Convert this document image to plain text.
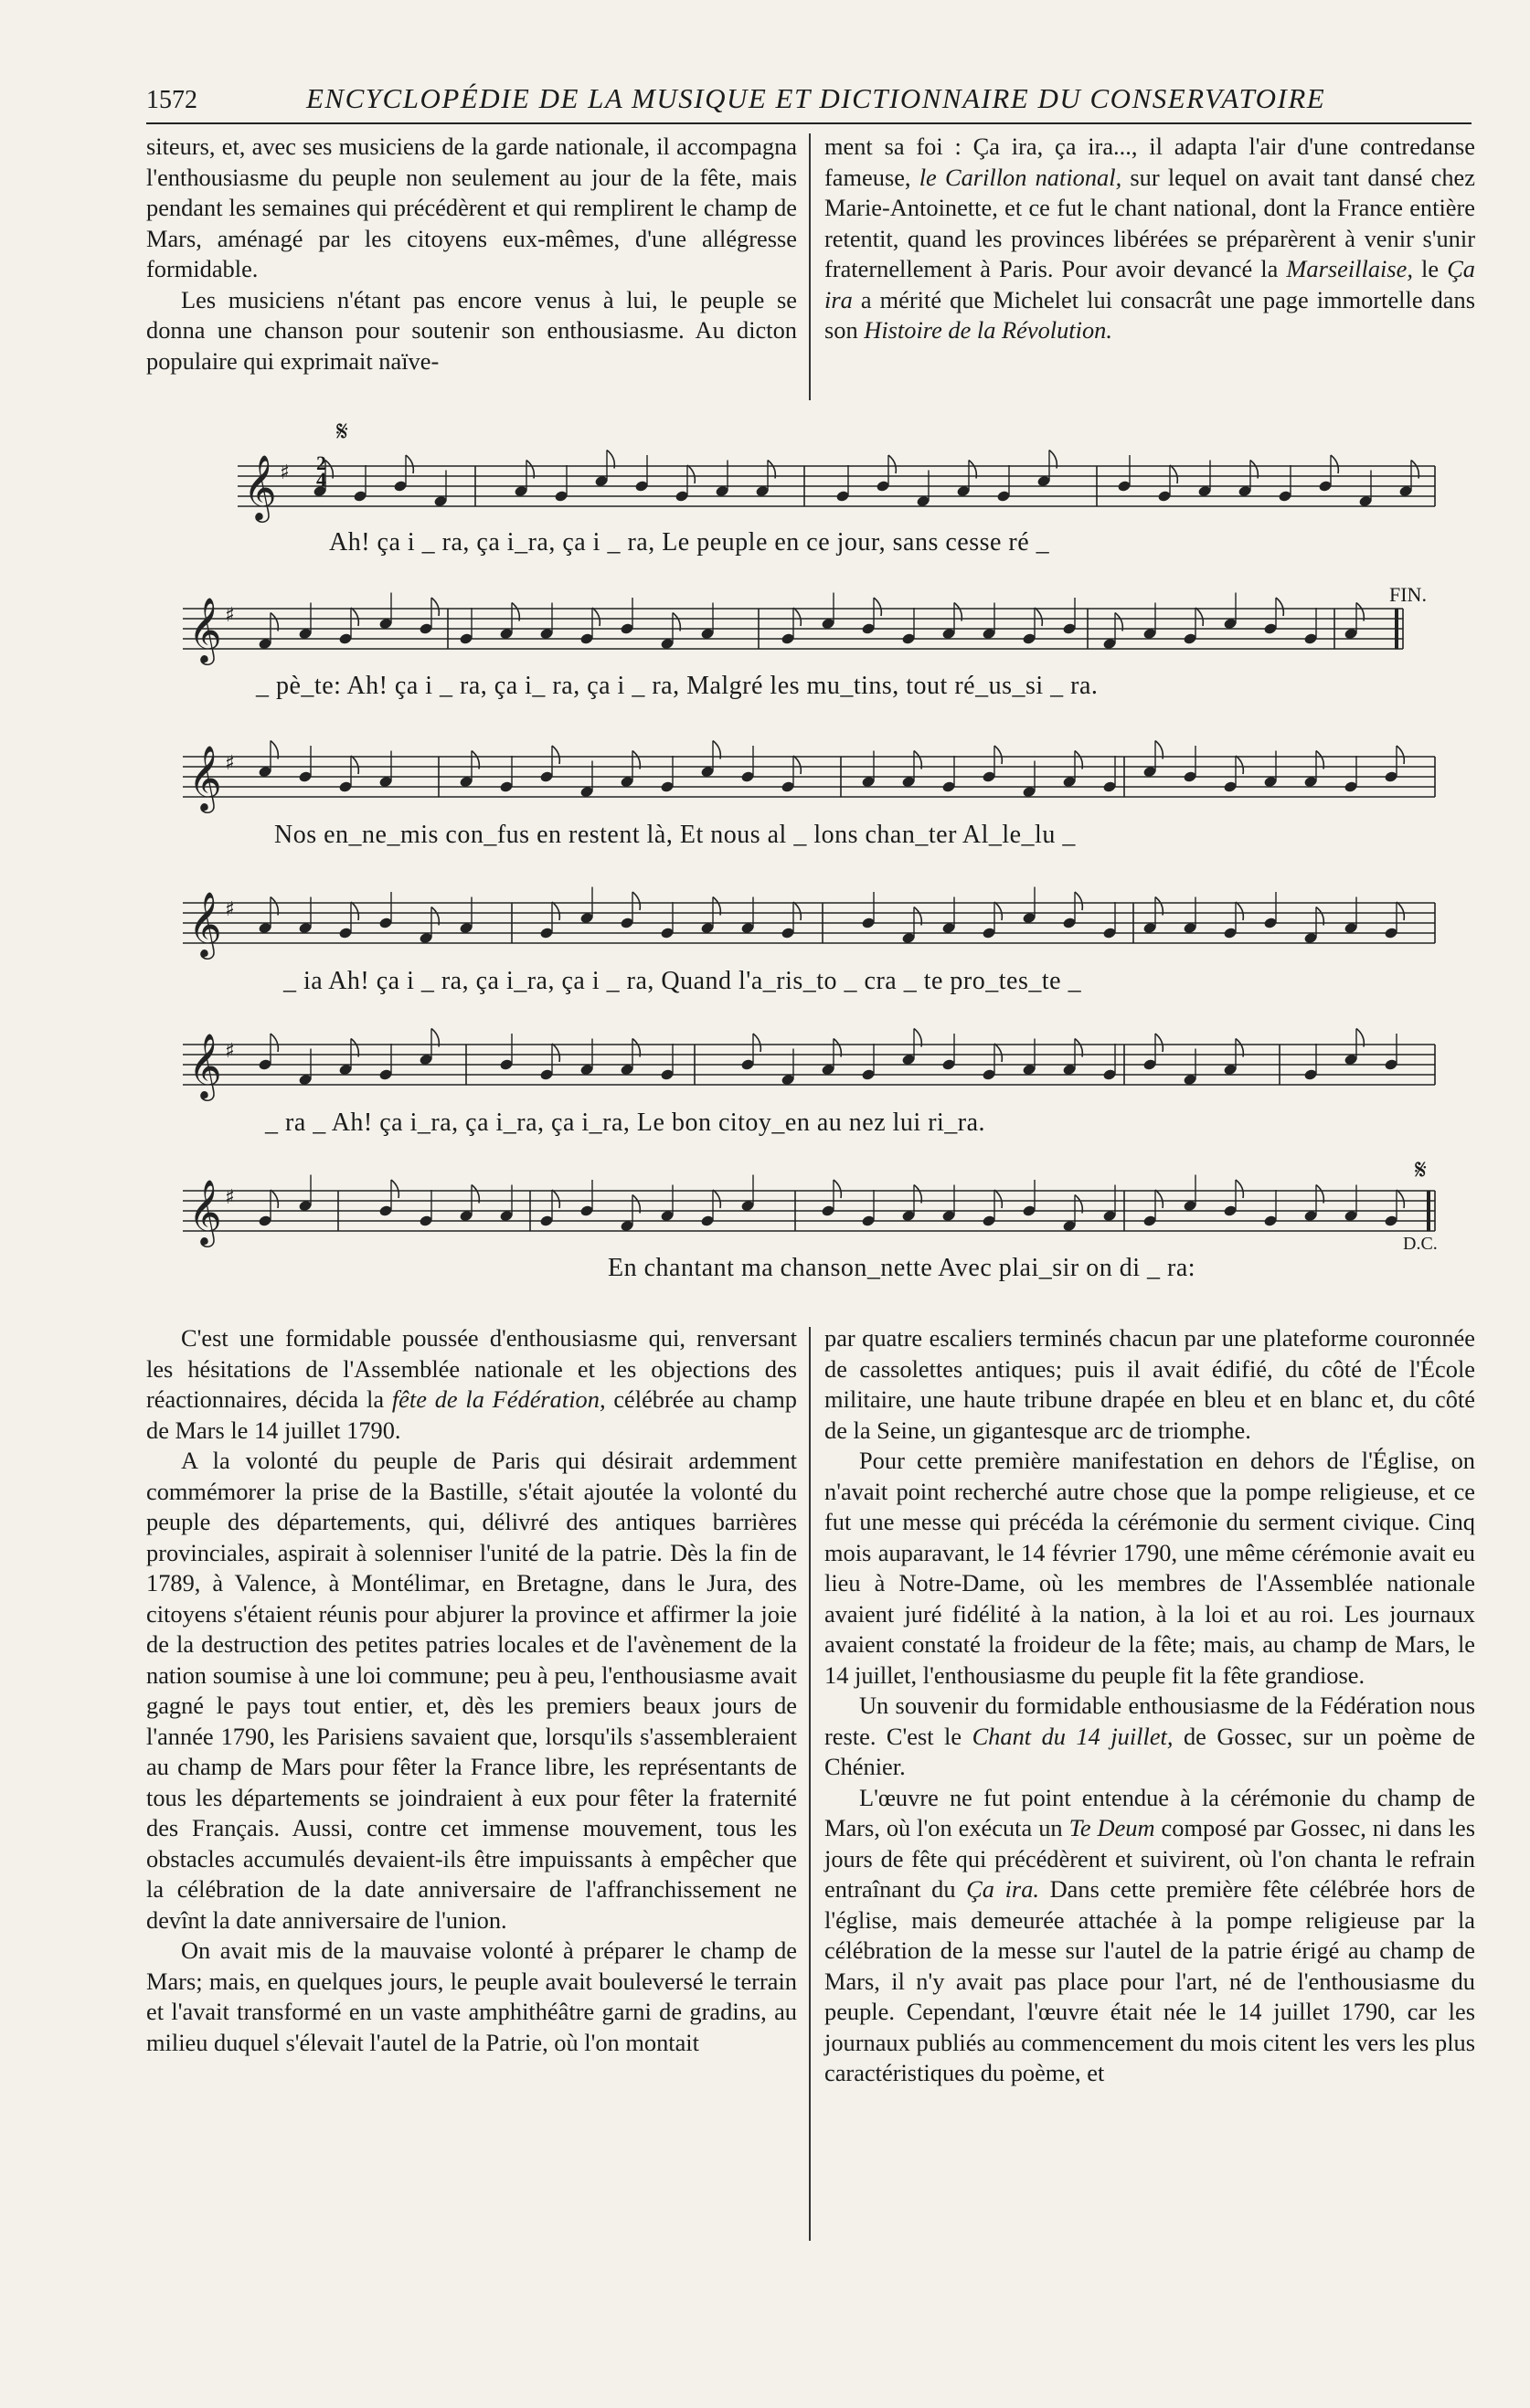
1572	ENCYCLOPÉDIE DE LA MUSIQUE ET DICTIONNAIRE DU CONSERVATOIRE

siteurs, et, avec ses musiciens de la garde nationale, il accompagna l'enthousiasme du peuple non seulement au jour de la fête, mais pendant les semaines qui précédèrent et qui remplirent le champ de Mars, aménagé par les citoyens eux-mêmes, d'une allégresse formidable.

Les musiciens n'étant pas encore venus à lui, le peuple se donna une chanson pour soutenir son enthousiasme. Au dicton populaire qui exprimait naïve-

ment sa foi : Ça ira, ça ira..., il adapta l'air d'une contredanse fameuse, le Carillon national, sur lequel on avait tant dansé chez Marie-Antoinette, et ce fut le chant national, dont la France entière retentit, quand les provinces libérées se préparèrent à venir s'unir fraternellement à Paris. Pour avoir devancé la Marseillaise, le Ça ira a mérité que Michelet lui consacrât une page immortelle dans son Histoire de la Révolution.

𝄞 ♯
𝄞 ♯
𝄞 ♯
𝄞 ♯
𝄞 ♯
𝄞 ♯
Ah! ça i _ ra, ça i_ra, ça i _ ra, Le peuple en ce jour, sans cesse ré _
_ pè_te: Ah! ça i _ ra, ça i_ ra, ça i _ ra, Malgré les mu_tins, tout ré_us_si _ ra.
Nos en_ne_mis con_fus en restent là, Et nous al _ lons chan_ter Al_le_lu _
_ ia Ah! ça i _ ra, ça i_ra, ça i _ ra, Quand l'a_ris_to _ cra _ te pro_tes_te _
_ ra _ Ah! ça i_ra, ça i_ra, ça i_ra, Le bon citoy_en au nez lui ri_ra.
En chantant ma chanson_nette Avec plai_sir on di _ ra:
FIN.
D.C.
𝄋
𝄋
2
4

C'est une formidable poussée d'enthousiasme qui, renversant les hésitations de l'Assemblée nationale et les objections des réactionnaires, décida la fête de la Fédération, célébrée au champ de Mars le 14 juillet 1790.

A la volonté du peuple de Paris qui désirait ardemment commémorer la prise de la Bastille, s'était ajoutée la volonté du peuple des départements, qui, délivré des antiques barrières provinciales, aspirait à solenniser l'unité de la patrie. Dès la fin de 1789, à Valence, à Montélimar, en Bretagne, dans le Jura, des citoyens s'étaient réunis pour abjurer la province et affirmer la joie de la destruction des petites patries locales et de l'avènement de la nation soumise à une loi commune; peu à peu, l'enthousiasme avait gagné le pays tout entier, et, dès les premiers beaux jours de l'année 1790, les Parisiens savaient que, lorsqu'ils s'assembleraient au champ de Mars pour fêter la France libre, les représentants de tous les départements se joindraient à eux pour fêter la fraternité des Français. Aussi, contre cet immense mouvement, tous les obstacles accumulés devaient-ils être impuissants à empêcher que la célébration de la date anniversaire de l'affranchissement ne devînt la date anniversaire de l'union.

On avait mis de la mauvaise volonté à préparer le champ de Mars; mais, en quelques jours, le peuple avait bouleversé le terrain et l'avait transformé en un vaste amphithéâtre garni de gradins, au milieu duquel s'élevait l'autel de la Patrie, où l'on montait

par quatre escaliers terminés chacun par une plateforme couronnée de cassolettes antiques; puis il avait édifié, du côté de l'École militaire, une haute tribune drapée en bleu et en blanc et, du côté de la Seine, un gigantesque arc de triomphe.

Pour cette première manifestation en dehors de l'Église, on n'avait point recherché autre chose que la pompe religieuse, et ce fut une messe qui précéda la cérémonie du serment civique. Cinq mois auparavant, le 14 février 1790, une même cérémonie avait eu lieu à Notre-Dame, où les membres de l'Assemblée nationale avaient juré fidélité à la nation, à la loi et au roi. Les journaux avaient constaté la froideur de la fête; mais, au champ de Mars, le 14 juillet, l'enthousiasme du peuple fit la fête grandiose.

Un souvenir du formidable enthousiasme de la Fédération nous reste. C'est le Chant du 14 juillet, de Gossec, sur un poème de Chénier.

L'œuvre ne fut point entendue à la cérémonie du champ de Mars, où l'on exécuta un Te Deum composé par Gossec, ni dans les jours de fête qui précédèrent et suivirent, où l'on chanta le refrain entraînant du Ça ira. Dans cette première fête célébrée hors de l'église, mais demeurée attachée à la pompe religieuse par la célébration de la messe sur l'autel de la patrie érigé au champ de Mars, il n'y avait pas place pour l'art, né de l'enthousiasme du peuple. Cependant, l'œuvre était née le 14 juillet 1790, car les journaux publiés au commencement du mois citent les vers les plus caractéristiques du poème, et
